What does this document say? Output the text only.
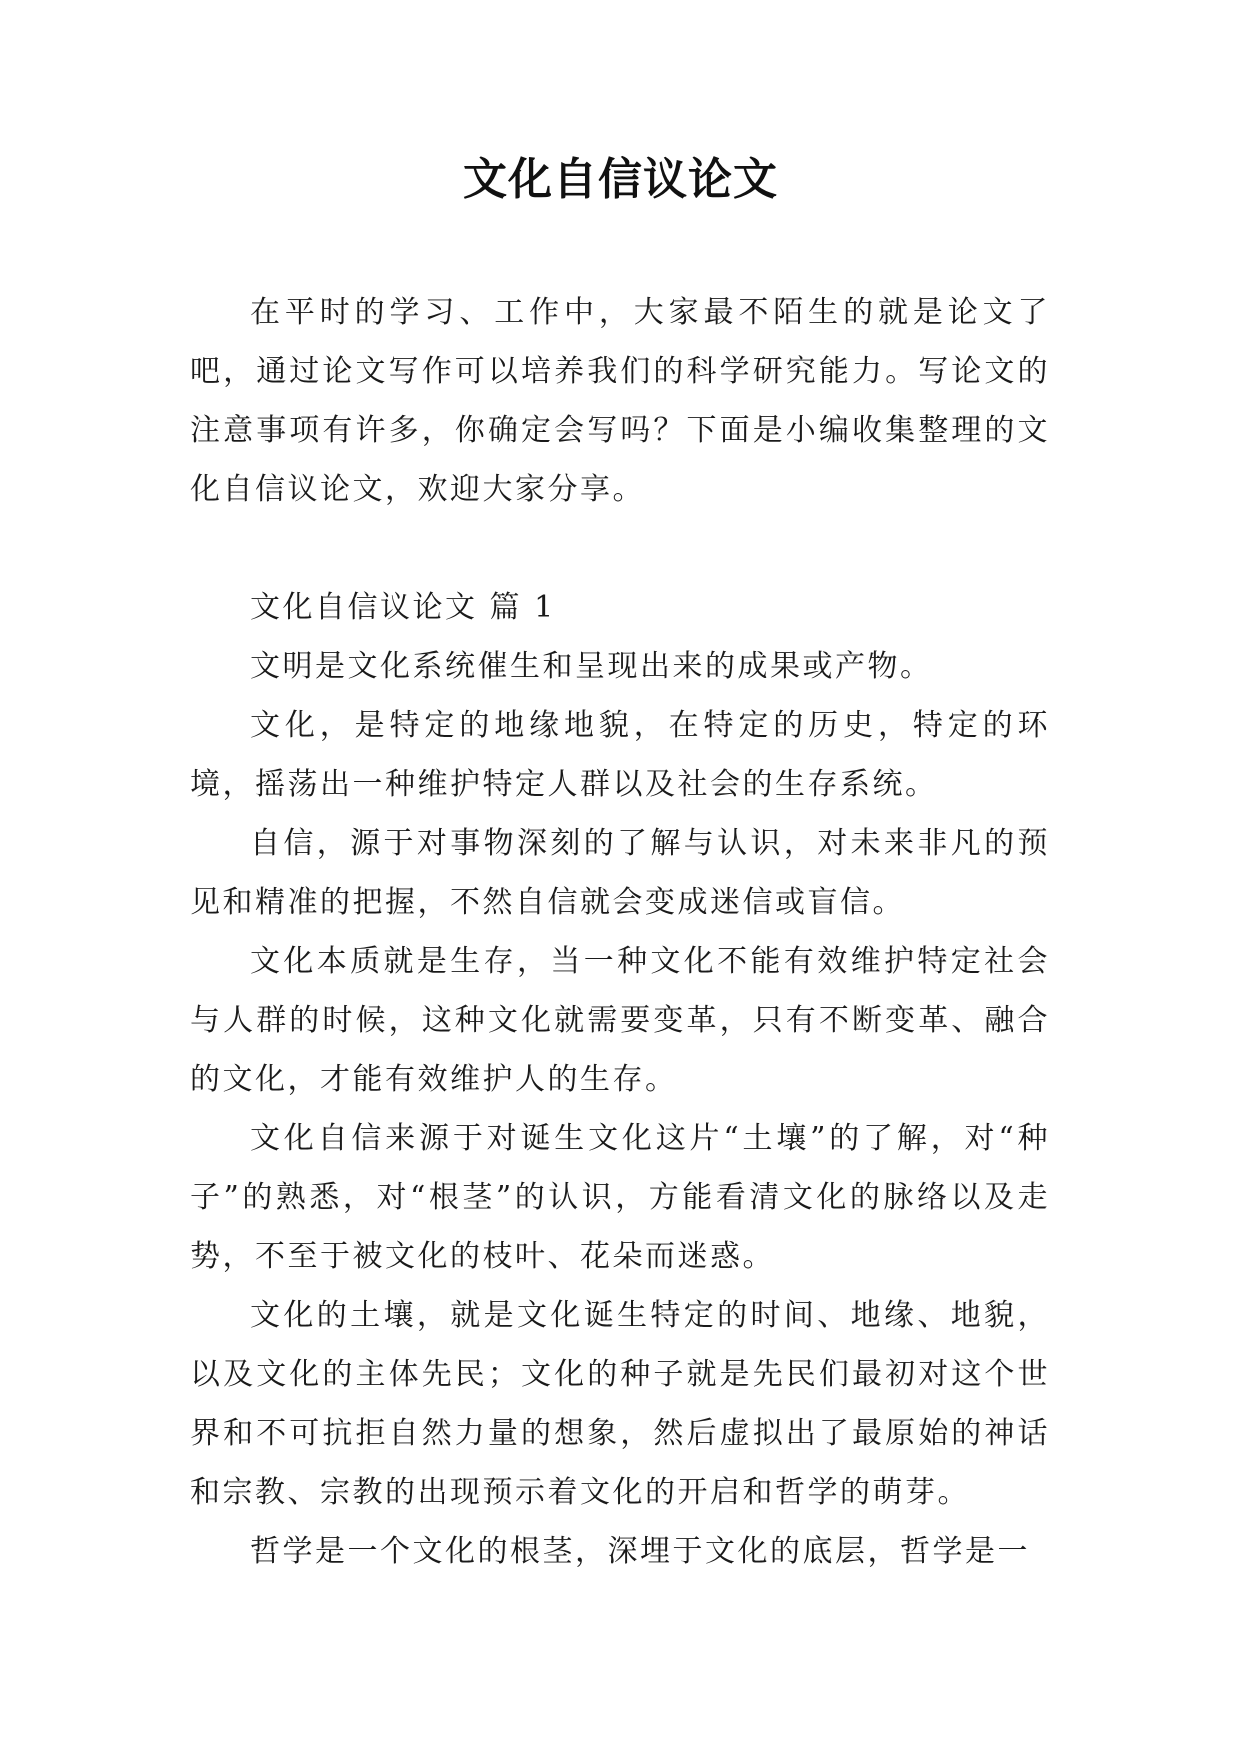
文化自信议论文

在平时的学习、工作中，大家最不陌生的就是论文了吧，通过论文写作可以培养我们的科学研究能力。写论文的注意事项有许多，你确定会写吗？下面是小编收集整理的文化自信议论文，欢迎大家分享。

文化自信议论文 篇 1

文明是文化系统催生和呈现出来的成果或产物。

文化，是特定的地缘地貌，在特定的历史，特定的环境，摇荡出一种维护特定人群以及社会的生存系统。

自信，源于对事物深刻的了解与认识，对未来非凡的预见和精准的把握，不然自信就会变成迷信或盲信。

文化本质就是生存，当一种文化不能有效维护特定社会与人群的时候，这种文化就需要变革，只有不断变革、融合的文化，才能有效维护人的生存。

文化自信来源于对诞生文化这片“土壤”的了解，对“种子”的熟悉，对“根茎”的认识，方能看清文化的脉络以及走势，不至于被文化的枝叶、花朵而迷惑。

文化的土壤，就是文化诞生特定的时间、地缘、地貌，以及文化的主体先民；文化的种子就是先民们最初对这个世界和不可抗拒自然力量的想象，然后虚拟出了最原始的神话和宗教、宗教的出现预示着文化的开启和哲学的萌芽。

哲学是一个文化的根茎，深埋于文化的底层，哲学是一
